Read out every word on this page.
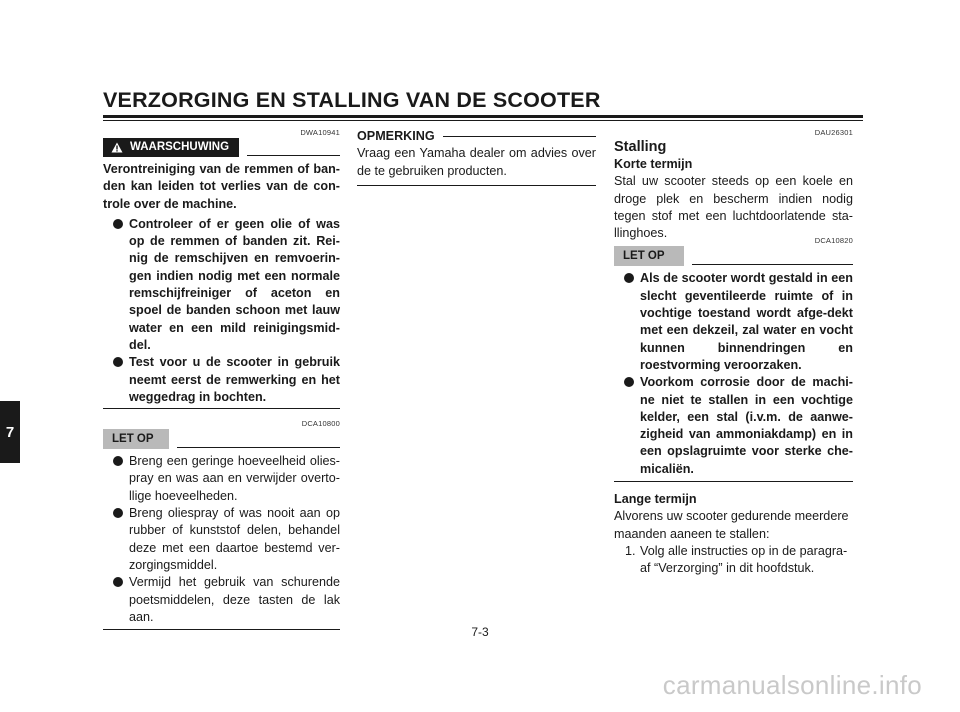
VERZORGING EN STALLING VAN DE SCOOTER
7
DWA10941
WAARSCHUWING
Verontreiniging van de remmen of ban-den kan leiden tot verlies van de con-trole over de machine.
Controleer of er geen olie of was op de remmen of banden zit. Rei-nig de remschijven en remvoerin-gen indien nodig met een normale remschijfreiniger of aceton en spoel de banden schoon met lauw water en een mild reinigingsmid-del.
Test voor u de scooter in gebruik neemt eerst de remwerking en het weggedrag in bochten.
DCA10800
LET OP
Breng een geringe hoeveelheid olies-pray en was aan en verwijder overto-llige hoeveelheden.
Breng oliespray of was nooit aan op rubber of kunststof delen, behandel deze met een daartoe bestemd ver-zorgingsmiddel.
Vermijd het gebruik van schurende poetsmiddelen, deze tasten de lak aan.
OPMERKING
Vraag een Yamaha dealer om advies over de te gebruiken producten.
DAU26301
Stalling
Korte termijn
Stal uw scooter steeds op een koele en droge plek en bescherm indien nodig tegen stof met een luchtdoorlatende sta-llinghoes.
DCA10820
LET OP
Als de scooter wordt gestald in een slecht geventileerde ruimte of in vochtige toestand wordt afge-dekt met een dekzeil, zal water en vocht kunnen binnendringen en roestvorming veroorzaken.
Voorkom corrosie door de machi-ne niet te stallen in een vochtige kelder, een stal (i.v.m. de aanwe-zigheid van ammoniakdamp) en in een opslagruimte voor sterke che-micaliën.
Lange termijn
Alvorens uw scooter gedurende meerdere maanden aaneen te stallen:
1. Volg alle instructies op in de paragra-
af “Verzorging” in dit hoofdstuk.
7-3
carmanualsonline.info
